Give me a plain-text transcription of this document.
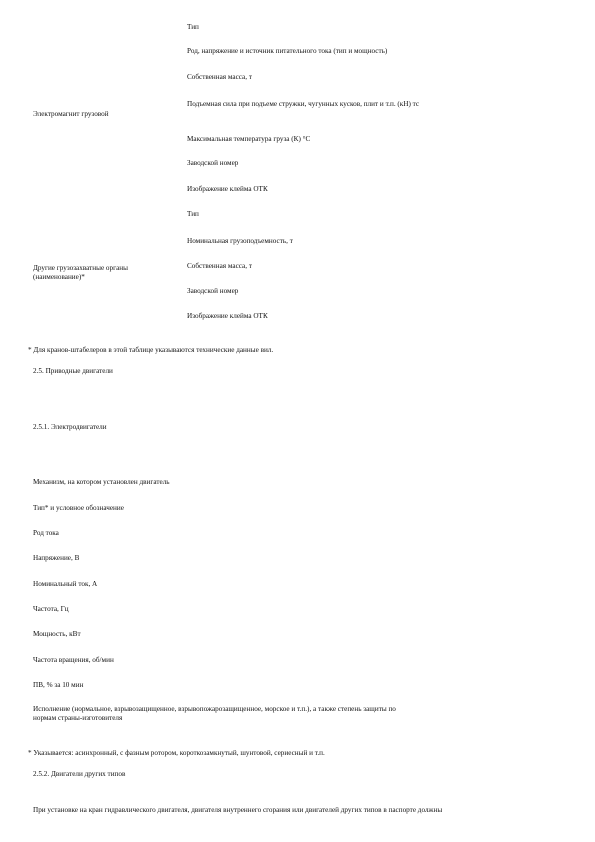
Электромагнит грузовой
Тип
Род, напряжение и источник питательного тока (тип и мощность)
Собственная масса, т
Подъемная сила при подъеме стружки, чугунных кусков, плит и т.п. (кН) тс
Максимальная температура груза (К) °С
Заводской номер
Изображение клейма ОТК
Другие грузозахватные органы (наименование)*
Тип
Номинальная грузоподъемность, т
Собственная масса, т
Заводской номер
Изображение клейма ОТК
* Для кранов-штабелеров в этой таблице указываются технические данные вил.
2.5. Приводные двигатели
2.5.1. Электродвигатели
Механизм, на котором установлен двигатель
Тип* и условное обозначение
Род тока
Напряжение, В
Номинальный ток, А
Частота, Гц
Мощность, кВт
Частота вращения, об/мин
ПВ, % за 10 мин
Исполнение (нормальное, взрывозащищенное, взрывопожарозащищенное, морское и т.п.), а также степень защиты по нормам страны-изготовителя
* Указывается: асинхронный, с фазным ротором, короткозамкнутый, шунтовой, сериесный и т.п.
2.5.2. Двигатели других типов
При установке на кран гидравлического двигателя, двигателя внутреннего сгорания или двигателей других типов в паспорте должны
